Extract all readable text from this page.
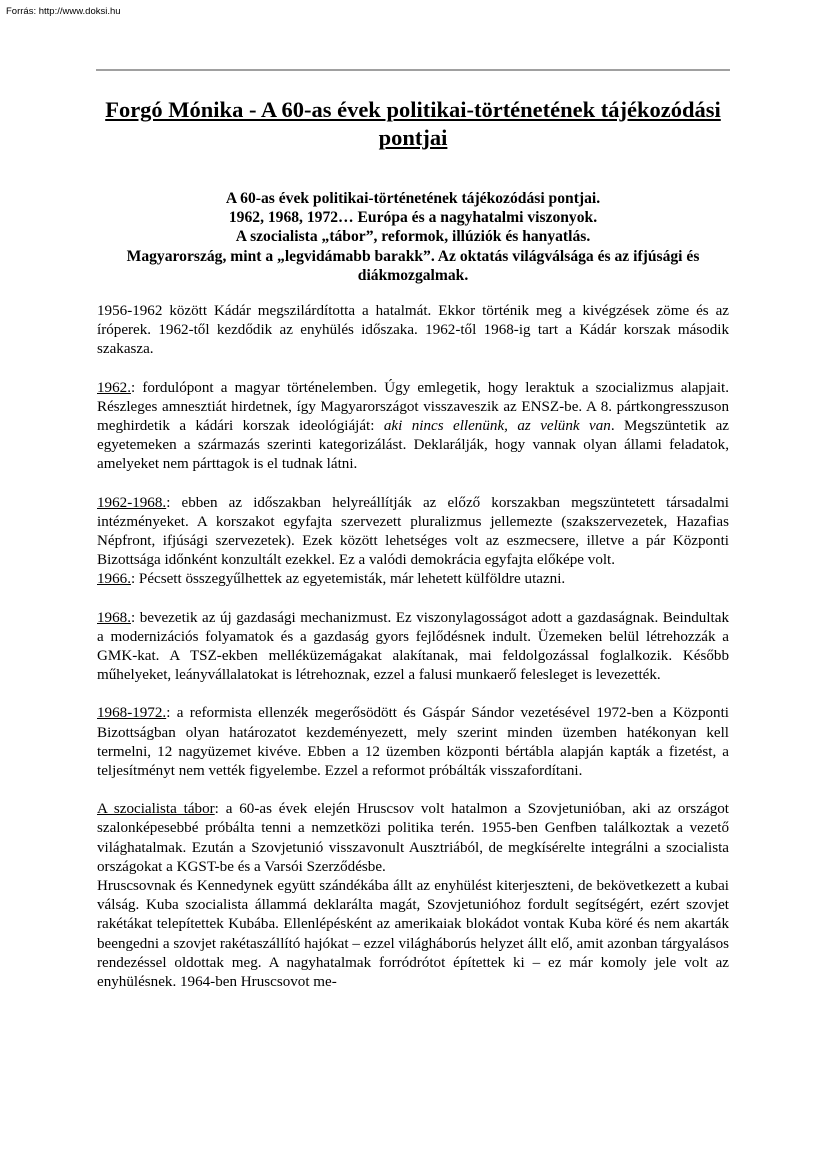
Forrás: http://www.doksi.hu
Forgó Mónika - A 60-as évek politikai-történetének tájékozódási pontjai
A 60-as évek politikai-történetének tájékozódási pontjai.
1962, 1968, 1972… Európa és a nagyhatalmi viszonyok.
A szocialista „tábor”, reformok, illúziók és hanyatlás.
Magyarország, mint a „legvidámabb barakk”. Az oktatás világválsága és az ifjúsági és diákmozgalmak.

1956-1962 között Kádár megszilárdította a hatalmát. Ekkor történik meg a kivégzések zöme és az íróperek. 1962-től kezdődik az enyhülés időszaka. 1962-től 1968-ig tart a Kádár korszak második szakasza.

1962.: fordulópont a magyar történelemben. Úgy emlegetik, hogy leraktuk a szocializmus alapjait. Részleges amnesztiát hirdetnek, így Magyarországot visszaveszik az ENSZ-be. A 8. pártkongresszuson meghirdetik a kádári korszak ideológiáját: aki nincs ellenünk, az velünk van. Megszüntetik az egyetemeken a származás szerinti kategorizálást. Deklarálják, hogy vannak olyan állami feladatok, amelyeket nem párttagok is el tudnak látni.

1962-1968.: ebben az időszakban helyreállítják az előző korszakban megszüntetett társadalmi intézményeket. A korszakot egyfajta szervezett pluralizmus jellemezte (szakszervezetek, Hazafias Népfront, ifjúsági szervezetek). Ezek között lehetséges volt az eszmecsere, illetve a pár Központi Bizottsága időnként konzultált ezekkel. Ez a valódi demokrácia egyfajta előképe volt.

1966.: Pécsett összegyűlhettek az egyetemisták, már lehetett külföldre utazni.

1968.: bevezetik az új gazdasági mechanizmust. Ez viszonylagosságot adott a gazdaságnak. Beindultak a modernizációs folyamatok és a gazdaság gyors fejlődésnek indult. Üzemeken belül létrehozzák a GMK-kat. A TSZ-ekben melléküzemágakat alakítanak, mai feldolgozással foglalkozik. Később műhelyeket, leányvállalatokat is létrehoznak, ezzel a falusi munkaerő felesleget is levezették.

1968-1972.: a reformista ellenzék megerősödött és Gáspár Sándor vezetésével 1972-ben a Központi Bizottságban olyan határozatot kezdeményezett, mely szerint minden üzemben hatékonyan kell termelni, 12 nagyüzemet kivéve. Ebben a 12 üzemben központi bértábla alapján kapták a fizetést, a teljesítményt nem vették figyelembe. Ezzel a reformot próbálták visszafordítani.

A szocialista tábor: a 60-as évek elején Hruscsov volt hatalmon a Szovjetunióban, aki az országot szalonképesebbé próbálta tenni a nemzetközi politika terén. 1955-ben Genfben találkoztak a vezető világhatalmak. Ezután a Szovjetunió visszavonult Ausztriából, de megkísérelte integrálni a szocialista országokat a KGST-be és a Varsói Szerződésbe.

Hruscsovnak és Kennedynek együtt szándékába állt az enyhülést kiterjeszteni, de bekövetkezett a kubai válság. Kuba szocialista állammá deklarálta magát, Szovjetunióhoz fordult segítségért, ezért szovjet rakétákat telepítettek Kubába. Ellenlépésként az amerikaiak blokádot vontak Kuba köré és nem akarták beengedni a szovjet rakétaszállító hajókat – ezzel világháborús helyzet állt elő, amit azonban tárgyalásos rendezéssel oldottak meg. A nagyhatalmak forródrótot építettek ki – ez már komoly jele volt az enyhülésnek. 1964-ben Hruscsovot me-
